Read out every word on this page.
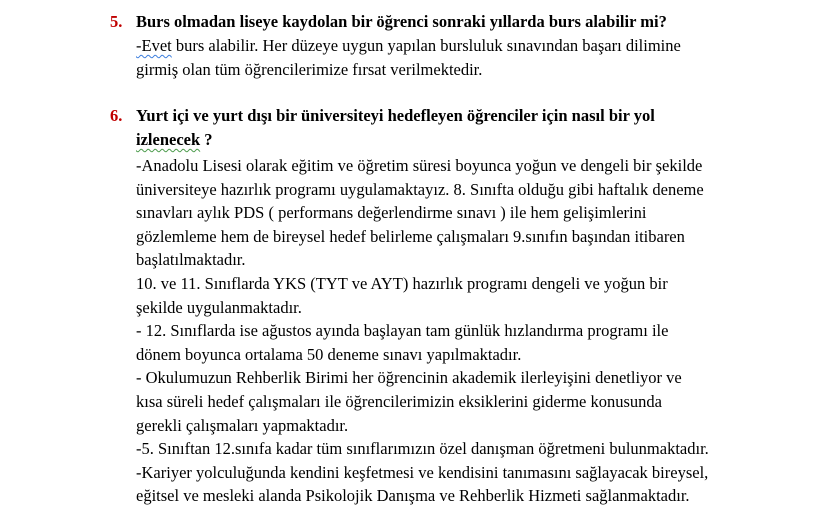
5. Burs olmadan liseye kaydolan bir öğrenci sonraki yıllarda burs alabilir mi?
-Evet burs alabilir. Her düzeye uygun yapılan bursluluk sınavından başarı dilimine
girmiş olan tüm öğrencilerimize fırsat verilmektedir.
6. Yurt içi ve yurt dışı bir üniversiteyi hedefleyen öğrenciler için nasıl bir yol
izlenecek ?
-Anadolu Lisesi olarak eğitim ve öğretim süresi boyunca yoğun ve dengeli bir şekilde
üniversiteye hazırlık programı uygulamaktayız. 8. Sınıfta olduğu gibi haftalık deneme
sınavları aylık PDS ( performans değerlendirme sınavı ) ile hem gelişimlerini
gözlemleme hem de bireysel hedef belirleme çalışmaları 9.sınıfın başından itibaren
başlatılmaktadır.
10. ve 11. Sınıflarda YKS (TYT ve AYT) hazırlık programı dengeli ve yoğun bir
şekilde uygulanmaktadır.
- 12. Sınıflarda ise ağustos ayında başlayan tam günlük hızlandırma programı ile
dönem boyunca ortalama 50 deneme sınavı yapılmaktadır.
- Okulumuzun Rehberlik Birimi her öğrencinin akademik ilerleyişini denetliyor ve
kısa süreli hedef çalışmaları ile öğrencilerimizin eksiklerini giderme konusunda
gerekli çalışmaları yapmaktadır.
-5. Sınıftan 12.sınıfa kadar tüm sınıflarımızın özel danışman öğretmeni bulunmaktadır.
-Kariyer yolculuğunda kendini keşfetmesi ve kendisini tanımasını sağlayacak bireysel,
eğitsel ve mesleki alanda Psikolojik Danışma ve Rehberlik Hizmeti sağlanmaktadır.
